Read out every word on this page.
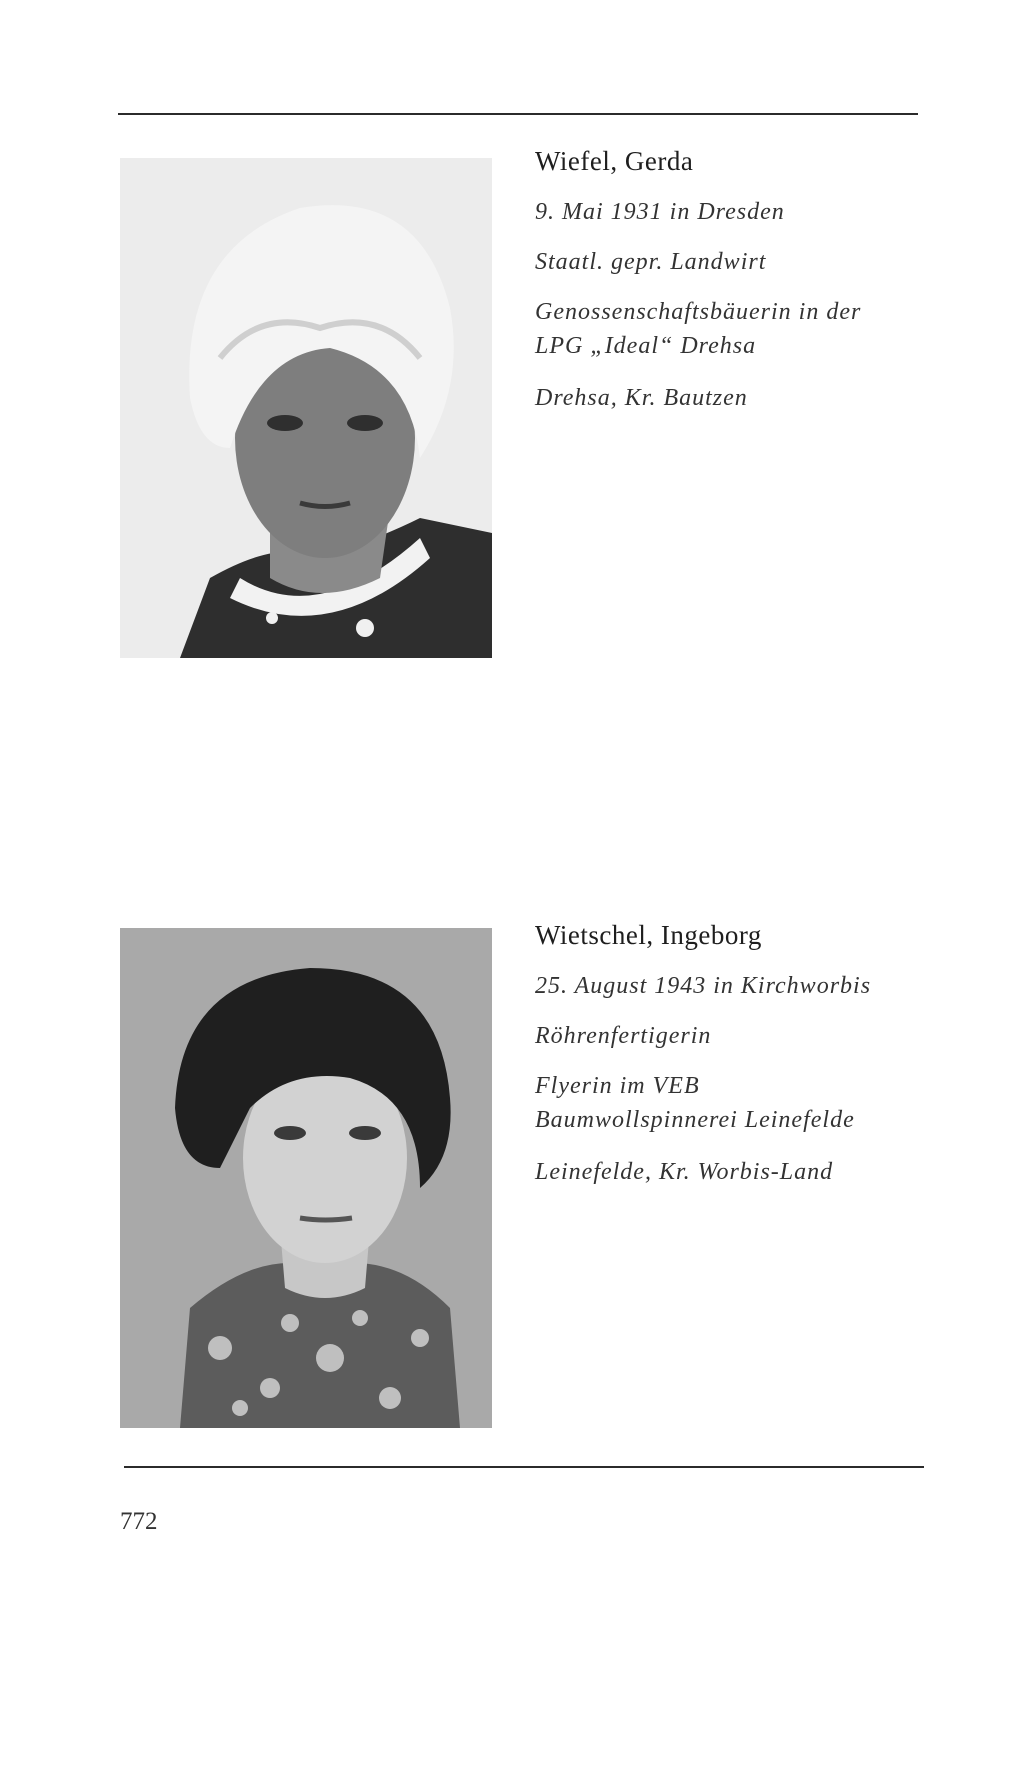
Wiefel, Gerda

9. Mai 1931 in Dresden

Staatl. gepr. Landwirt

Genossenschaftsbäuerin in der
LPG „Ideal“ Drehsa

Drehsa, Kr. Bautzen

Wietschel, Ingeborg

25. August 1943 in Kirchworbis

Röhrenfertigerin

Flyerin im VEB
Baumwollspinnerei Leinefelde

Leinefelde, Kr. Worbis-Land

772
